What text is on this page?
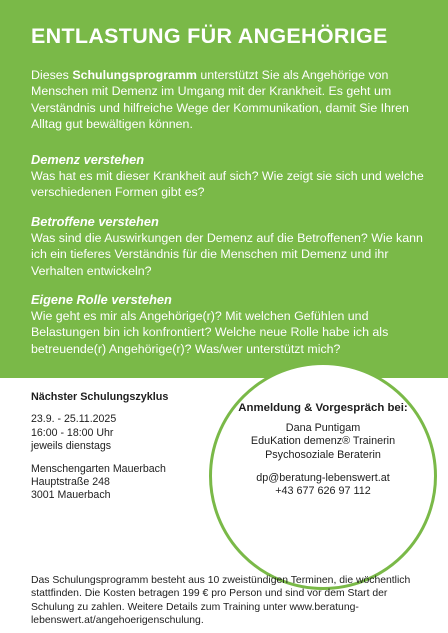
ENTLASTUNG FÜR ANGEHÖRIGE
Dieses Schulungsprogramm unterstützt Sie als Angehörige von Menschen mit Demenz im Umgang mit der Krankheit. Es geht um Verständnis und hilfreiche Wege der Kommunikation, damit Sie Ihren Alltag gut bewältigen können.
Demenz verstehen
Was hat es mit dieser Krankheit auf sich? Wie zeigt sie sich und welche verschiedenen Formen gibt es?
Betroffene verstehen
Was sind die Auswirkungen der Demenz auf die Betroffenen? Wie kann ich ein tieferes Verständnis für die Menschen mit Demenz und ihr Verhalten entwickeln?
Eigene Rolle verstehen
Wie geht es mir als Angehörige(r)? Mit welchen Gefühlen und Belastungen bin ich konfrontiert? Welche neue Rolle habe ich als betreuende(r) Angehörige(r)? Was/wer unterstützt mich?
Nächster Schulungszyklus
23.9. - 25.11.2025
16:00 - 18:00 Uhr
jeweils dienstags
Menschengarten Mauerbach
Hauptstraße 248
3001 Mauerbach
Anmeldung & Vorgespräch bei:
Dana Puntigam
EduKation demenz® Trainerin
Psychosoziale Beraterin
dp@beratung-lebenswert.at
+43 677 626 97 112
Das Schulungsprogramm besteht aus 10 zweistündigen Terminen, die wöchentlich stattfinden. Die Kosten betragen 199 € pro Person und sind vor dem Start der Schulung zu zahlen. Weitere Details zum Training unter www.beratung-lebenswert.at/angehoerigenschulung.
